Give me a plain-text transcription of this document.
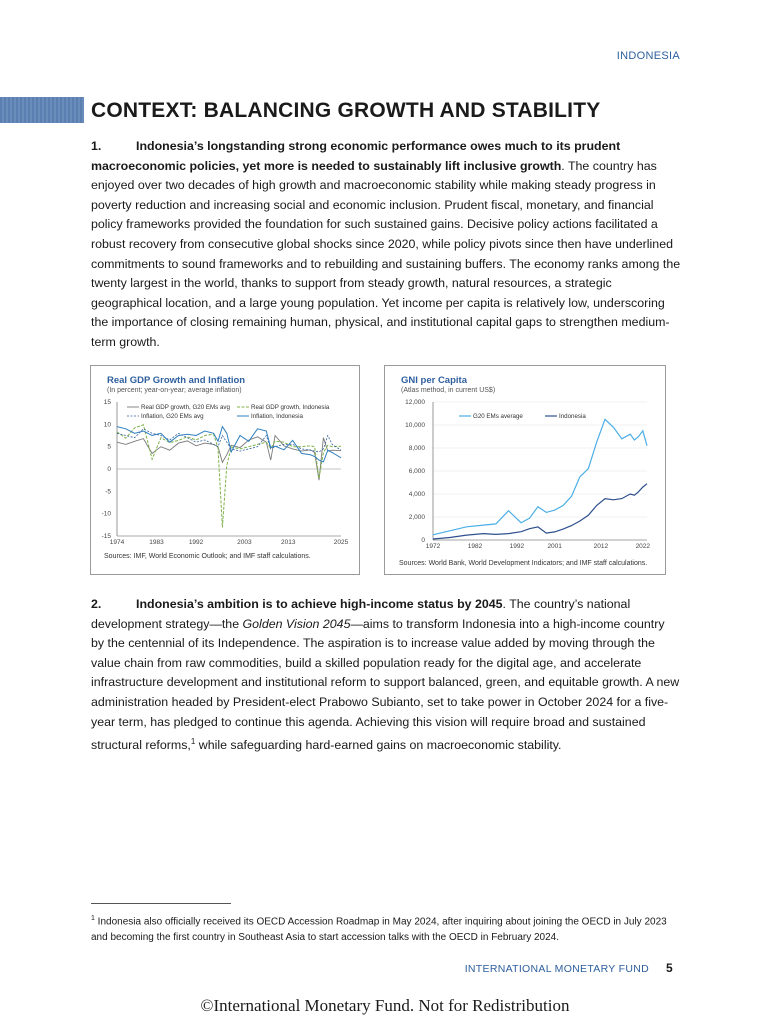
INDONESIA
CONTEXT: BALANCING GROWTH AND STABILITY

1.	Indonesia’s longstanding strong economic performance owes much to its prudent macroeconomic policies, yet more is needed to sustainably lift inclusive growth. The country has enjoyed over two decades of high growth and macroeconomic stability while making steady progress in poverty reduction and increasing social and economic inclusion. Prudent fiscal, monetary, and financial policy frameworks provided the foundation for such sustained gains. Decisive policy actions facilitated a robust recovery from consecutive global shocks since 2020, while policy pivots since then have underlined commitments to sound frameworks and to rebuilding and sustaining buffers. The economy ranks among the twenty largest in the world, thanks to support from steady growth, natural resources, a strategic geographical location, and a large young population. Yet income per capita is relatively low, underscoring the importance of closing remaining human, physical, and institutional capital gaps to strengthen medium-term growth.

Real GDP Growth and Inflation
(In percent; year-on-year; average inflation)
15
10
5
0
-5
-10
-15
1974	1983	1992	2003	2013	2025
Real GDP growth, G20 EMs avg	Real GDP growth, Indonesia
Inflation, G20 EMs avg	Inflation, Indonesia
Sources: IMF, World Economic Outlook; and IMF staff calculations.
GNI per Capita
(Atlas method, in current US$)
0
2,000
4,000
6,000
8,000
10,000
12,000
1972	1982	1992	2001	2012	2022
G20 EMs average	Indonesia
Sources: World Bank, World Development Indicators; and IMF staff calculations.

2.	Indonesia’s ambition is to achieve high-income status by 2045. The country’s national development strategy—the Golden Vision 2045—aims to transform Indonesia into a high-income country by the centennial of its Independence. The aspiration is to increase value added by moving through the value chain from raw commodities, build a skilled population ready for the digital age, and accelerate infrastructure development and institutional reform to support balanced, green, and equitable growth. A new administration headed by President-elect Prabowo Subianto, set to take power in October 2024 for a five-year term, has pledged to continue this agenda. Achieving this vision will require broad and sustained structural reforms,$^1$ while safeguarding hard-earned gains on macroeconomic stability.

$^1$ Indonesia also officially received its OECD Accession Roadmap in May 2024, after inquiring about joining the OECD in July 2023 and becoming the first country in Southeast Asia to start accession talks with the OECD in February 2024.

INTERNATIONAL MONETARY FUND 5
©International Monetary Fund. Not for Redistribution
